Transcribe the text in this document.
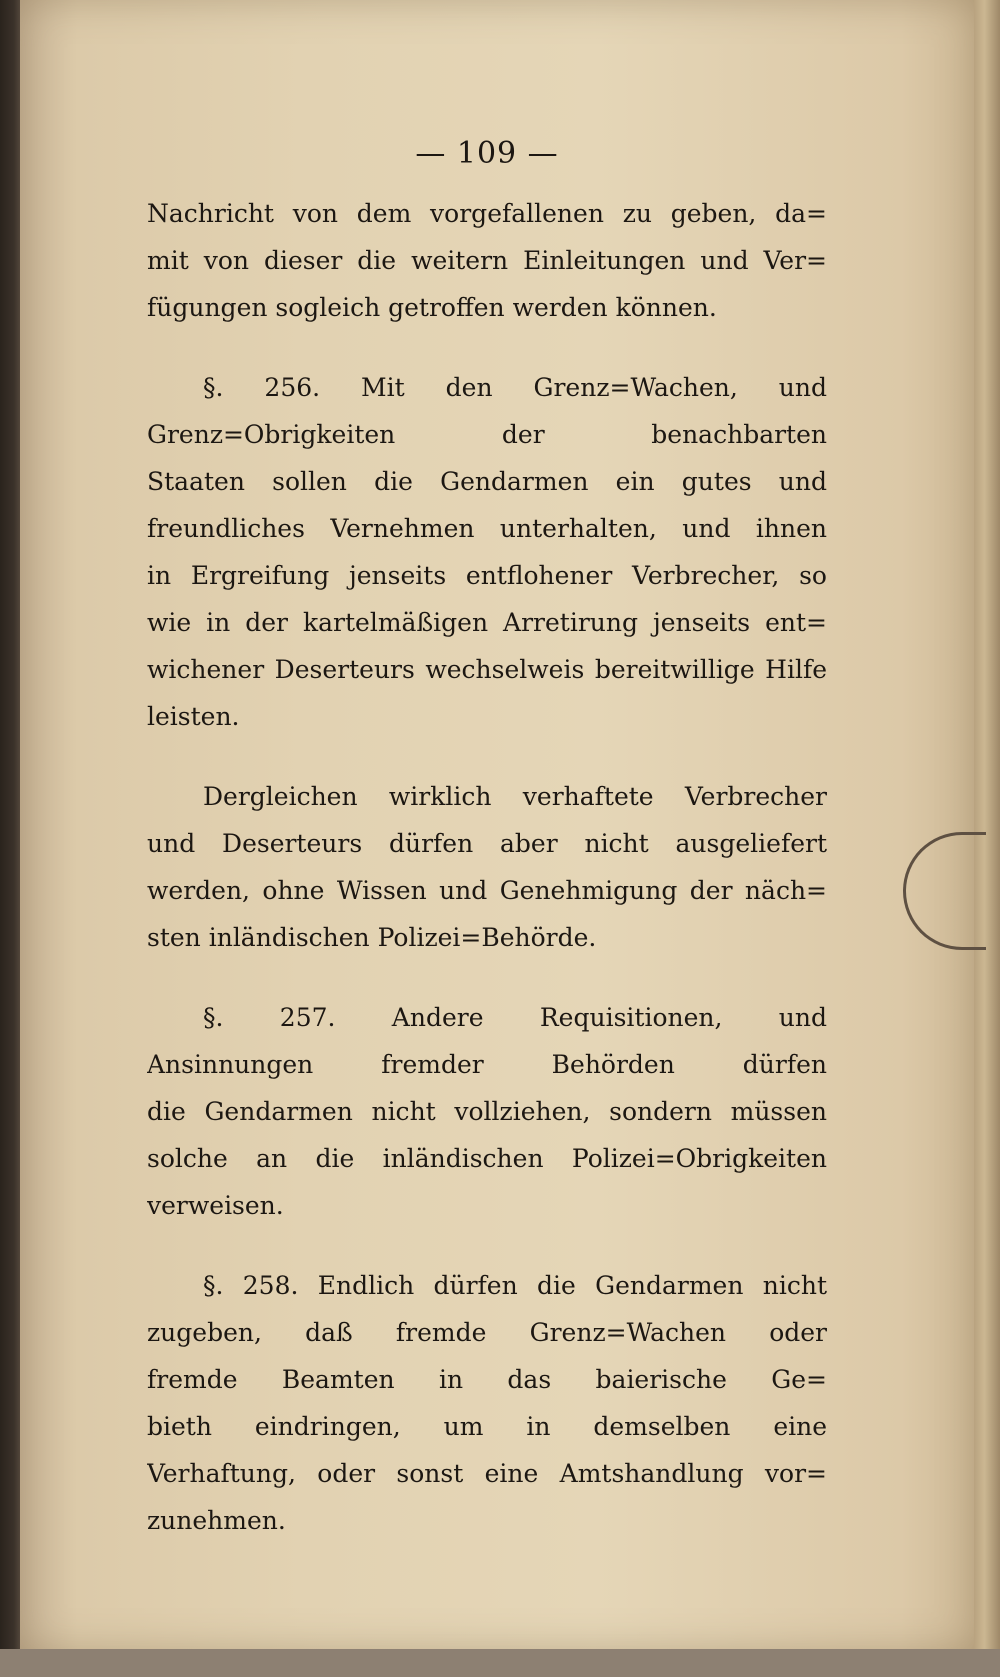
— 109 —
Nachricht von dem vorgefallenen zu geben, da=
mit von dieser die weitern Einleitungen und Ver=
fügungen sogleich getroffen werden können.
§. 256. Mit den Grenz=Wachen, und
Grenz=Obrigkeiten der benachbarten
Staaten sollen die Gendarmen ein gutes und
freundliches Vernehmen unterhalten, und ihnen
in Ergreifung jenseits entflohener Verbrecher, so
wie in der kartelmäßigen Arretirung jenseits ent=
wichener Deserteurs wechselweis bereitwillige Hilfe
leisten.
Dergleichen wirklich verhaftete Verbrecher
und Deserteurs dürfen aber nicht ausgeliefert
werden, ohne Wissen und Genehmigung der näch=
sten inländischen Polizei=Behörde.
§. 257. Andere Requisitionen, und
Ansinnungen fremder Behörden dürfen
die Gendarmen nicht vollziehen, sondern müssen
solche an die inländischen Polizei=Obrigkeiten
verweisen.
§. 258. Endlich dürfen die Gendarmen nicht
zugeben, daß fremde Grenz=Wachen oder
fremde Beamten in das baierische Ge=
bieth eindringen, um in demselben eine
Verhaftung, oder sonst eine Amtshandlung vor=
zunehmen.
